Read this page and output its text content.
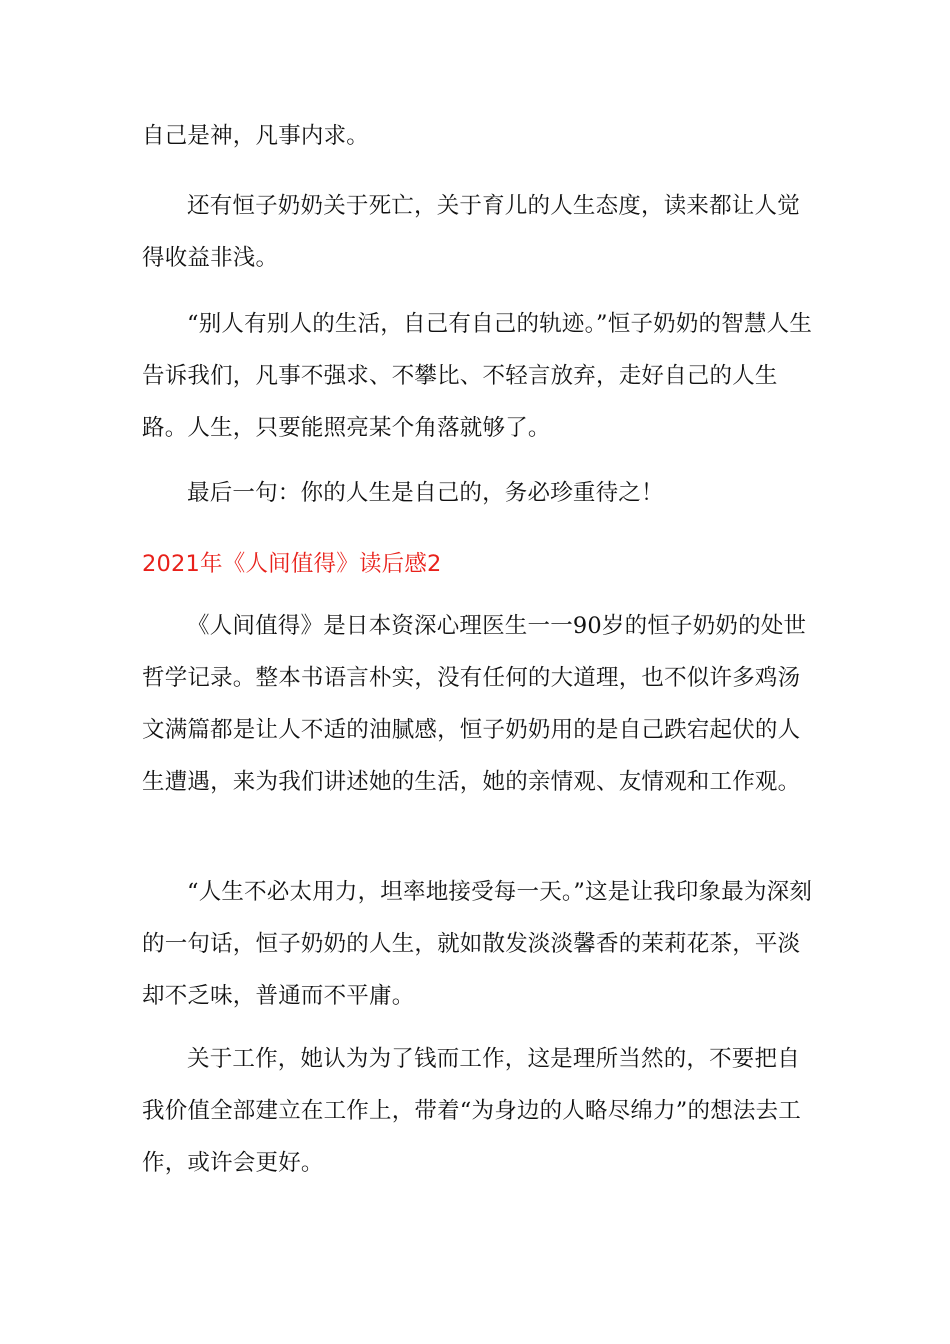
自己是神，凡事内求。

还有恒子奶奶关于死亡，关于育儿的人生态度，读来都让人觉得收益非浅。

“别人有别人的生活，自己有自己的轨迹。”恒子奶奶的智慧人生告诉我们，凡事不强求、不攀比、不轻言放弃，走好自己的人生路。人生，只要能照亮某个角落就够了。

最后一句：你的人生是自己的，务必珍重待之！

2021年《人间值得》读后感2

《人间值得》是日本资深心理医生一一90岁的恒子奶奶的处世哲学记录。整本书语言朴实，没有任何的大道理，也不似许多鸡汤文满篇都是让人不适的油腻感，恒子奶奶用的是自己跌宕起伏的人生遭遇，来为我们讲述她的生活，她的亲情观、友情观和工作观。

“人生不必太用力，坦率地接受每一天。”这是让我印象最为深刻的一句话，恒子奶奶的人生，就如散发淡淡馨香的茉莉花茶，平淡却不乏味，普通而不平庸。

关于工作，她认为为了钱而工作，这是理所当然的，不要把自我价值全部建立在工作上，带着“为身边的人略尽绵力”的想法去工作，或许会更好。
